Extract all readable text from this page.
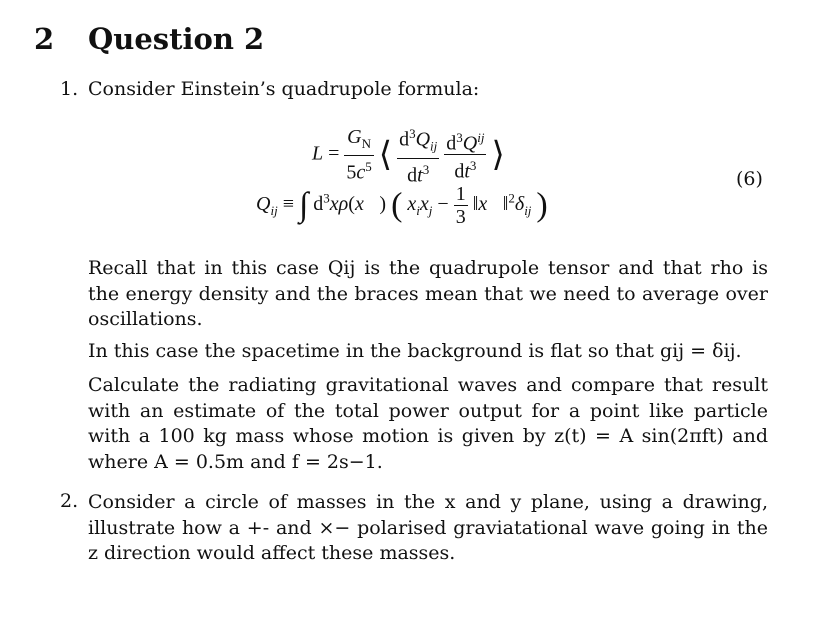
2 Question 2
1. Consider Einstein’s quadrupole formula:
$L = \frac{G_N}{5c^5}$ ⟨ $\frac{d^3Q_{ij}}{dt^3}$
$\frac{d^3Q^{ij}}{dt^3}$ ⟩
$Q_{ij}$ ≡ ∫ $d^3x\rho(x⃗)$ ( $x_ix_j - \frac{1}{3}$ $‖x⃗‖^2\delta_{ij}$ )
(6)
Recall that in this case Qij is the quadrupole tensor and that rho is the energy density and the braces mean that we need to average over oscillations.
In this case the spacetime in the background is flat so that gij = δij.
Calculate the radiating gravitational waves and compare that result with an estimate of the total power output for a point like particle with a 100 kg mass whose motion is given by z(t) = A sin(2πft) and where A = 0.5m and f = 2s−1.
2. Consider a circle of masses in the x and y plane, using a drawing, illustrate how a +- and ×− polarised graviatational wave going in the z direction would affect these masses.
